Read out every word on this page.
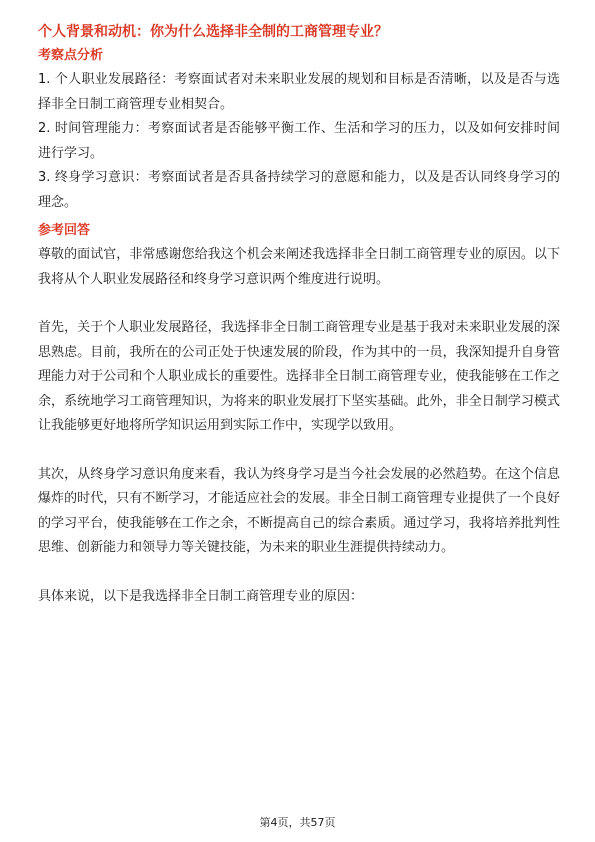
个人背景和动机：你为什么选择非全制的工商管理专业？
考察点分析

1. 个人职业发展路径：考察面试者对未来职业发展的规划和目标是否清晰，以及是否与选择非全日制工商管理专业相契合。

2. 时间管理能力：考察面试者是否能够平衡工作、生活和学习的压力，以及如何安排时间进行学习。

3. 终身学习意识：考察面试者是否具备持续学习的意愿和能力，以及是否认同终身学习的理念。

参考回答

尊敬的面试官，非常感谢您给我这个机会来阐述我选择非全日制工商管理专业的原因。以下我将从个人职业发展路径和终身学习意识两个维度进行说明。

首先，关于个人职业发展路径，我选择非全日制工商管理专业是基于我对未来职业发展的深思熟虑。目前，我所在的公司正处于快速发展的阶段，作为其中的一员，我深知提升自身管理能力对于公司和个人职业成长的重要性。选择非全日制工商管理专业，使我能够在工作之余，系统地学习工商管理知识，为将来的职业发展打下坚实基础。此外，非全日制学习模式让我能够更好地将所学知识运用到实际工作中，实现学以致用。

其次，从终身学习意识角度来看，我认为终身学习是当今社会发展的必然趋势。在这个信息爆炸的时代，只有不断学习，才能适应社会的发展。非全日制工商管理专业提供了一个良好的学习平台，使我能够在工作之余，不断提高自己的综合素质。通过学习，我将培养批判性思维、创新能力和领导力等关键技能，为未来的职业生涯提供持续动力。

具体来说，以下是我选择非全日制工商管理专业的原因：

第4页，共57页
